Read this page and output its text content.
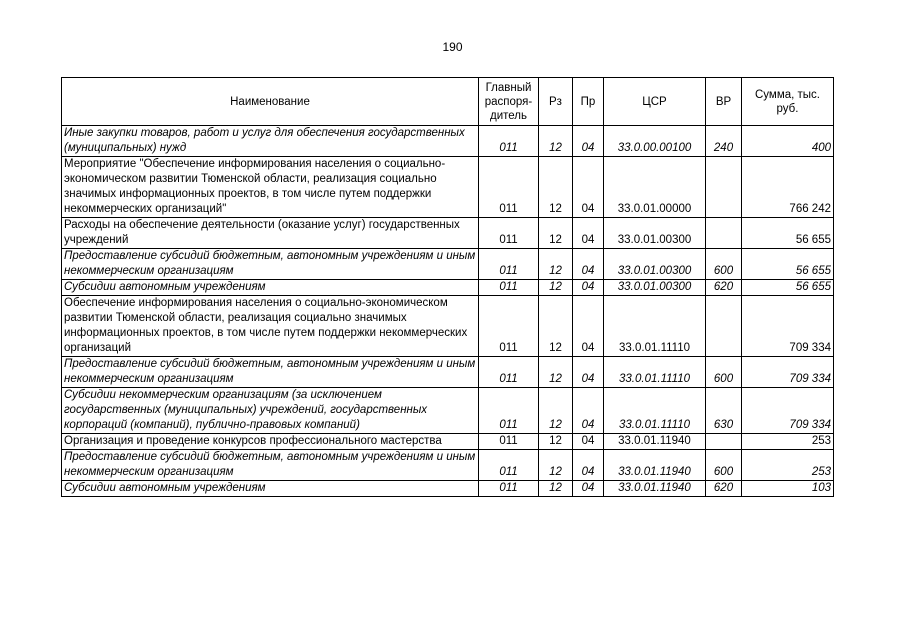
190
Наименование	Главный распоря-дитель	Рз	Пр	ЦСР	ВР	Сумма, тыс. руб.
Иные закупки товаров, работ и услуг для обеспечения государственных (муниципальных) нужд	011	12	04	33.0.00.00100	240	400
Мероприятие "Обеспечение информирования населения о социально-экономическом развитии Тюменской области, реализация социально значимых информационных проектов, в том числе путем поддержки некоммерческих организаций"	011	12	04	33.0.01.00000		766 242
Расходы на обеспечение деятельности (оказание услуг) государственных учреждений	011	12	04	33.0.01.00300		56 655
Предоставление субсидий бюджетным, автономным учреждениям и иным некоммерческим организациям	011	12	04	33.0.01.00300	600	56 655
Субсидии автономным учреждениям	011	12	04	33.0.01.00300	620	56 655
Обеспечение информирования населения о социально-экономическом развитии Тюменской области, реализация социально значимых информационных проектов, в том числе путем поддержки некоммерческих организаций	011	12	04	33.0.01.11110		709 334
Предоставление субсидий бюджетным, автономным учреждениям и иным некоммерческим организациям	011	12	04	33.0.01.11110	600	709 334
Субсидии некоммерческим организациям (за исключением государственных (муниципальных) учреждений, государственных корпораций (компаний), публично-правовых компаний)	011	12	04	33.0.01.11110	630	709 334
Организация и проведение конкурсов профессионального мастерства	011	12	04	33.0.01.11940		253
Предоставление субсидий бюджетным, автономным учреждениям и иным некоммерческим организациям	011	12	04	33.0.01.11940	600	253
Субсидии автономным учреждениям	011	12	04	33.0.01.11940	620	103
